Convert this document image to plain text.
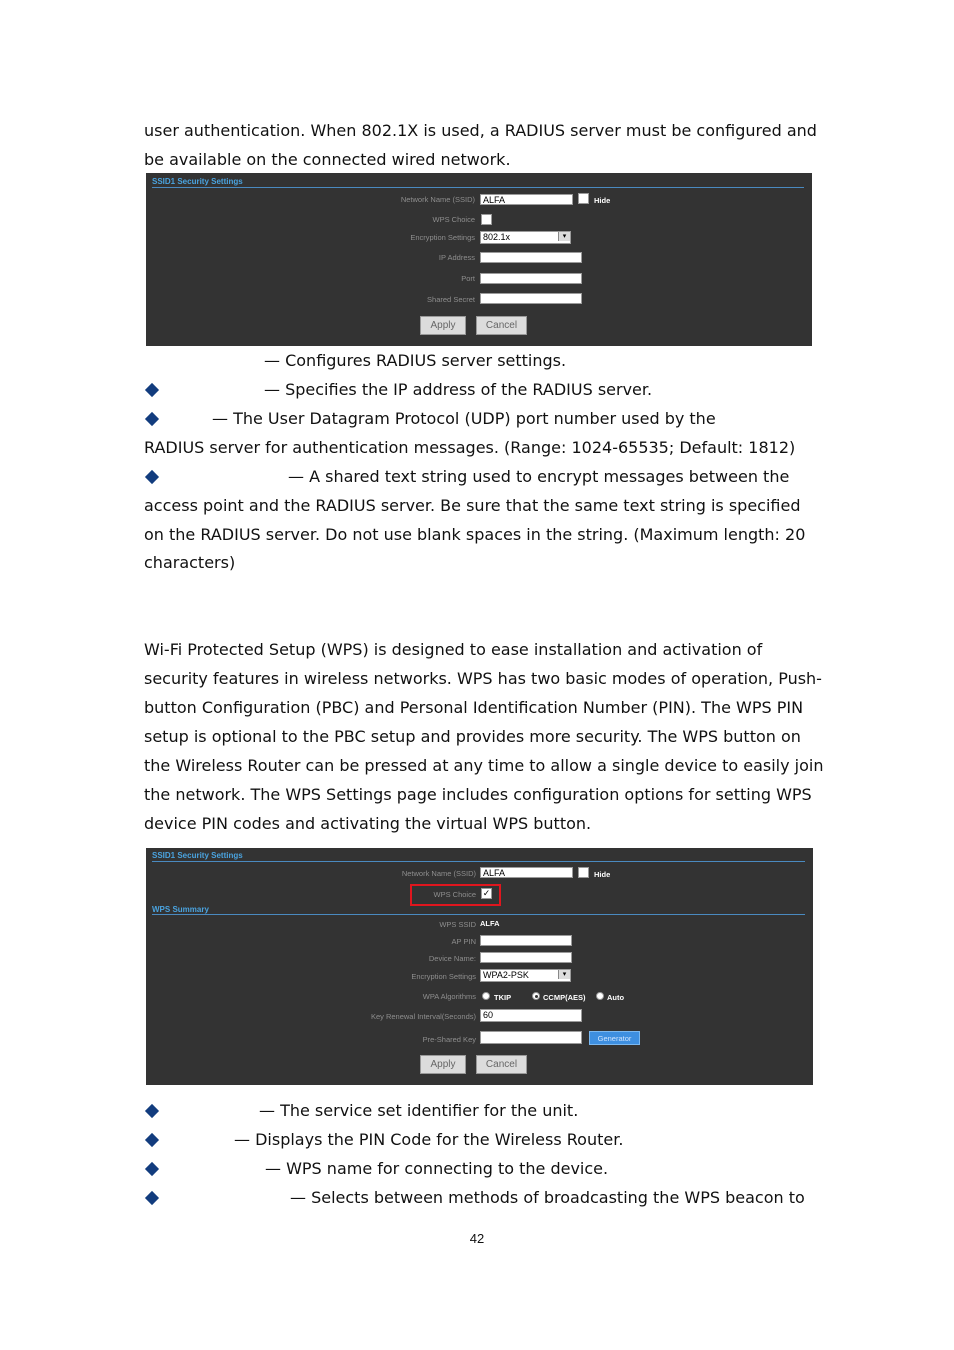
user authentication. When 802.1X is used, a RADIUS server must be configured and be available on the connected wired network.

SSID1 Security Settings
Network Name (SSID) ALFA	Hide
WPS Choice
Encryption Settings 802.1x	▾
IP Address
Port
Shared Secret
Apply	Cancel
— Configures RADIUS server settings.
— Specifies the IP address of the RADIUS server.
— The User Datagram Protocol (UDP) port number used by the
RADIUS server for authentication messages. (Range: 1024-65535; Default: 1812)
— A shared text string used to encrypt messages between the
access point and the RADIUS server. Be sure that the same text string is specified
on the RADIUS server. Do not use blank spaces in the string. (Maximum length: 20
characters)

Wi-Fi Protected Setup (WPS) is designed to ease installation and activation of security features in wireless networks. WPS has two basic modes of operation, Push-button Configuration (PBC) and Personal Identification Number (PIN). The WPS PIN setup is optional to the PBC setup and provides more security. The WPS button on the Wireless Router can be pressed at any time to allow a single device to easily join the network. The WPS Settings page includes configuration options for setting WPS device PIN codes and activating the virtual WPS button.

SSID1 Security Settings
Network Name (SSID) ALFA	Hide
WPS Choice ✓
WPS Summary
WPS SSID ALFA
AP PIN
Device Name:
Encryption Settings WPA2-PSK	▾
WPA Algorithms TKIP	CCMP(AES)	Auto
Key Renewal Interval(Seconds) 60
Pre-Shared Key	Generator
Apply	Cancel
— The service set identifier for the unit.
— Displays the PIN Code for the Wireless Router.
— WPS name for connecting to the device.
— Selects between methods of broadcasting the WPS beacon to
42
